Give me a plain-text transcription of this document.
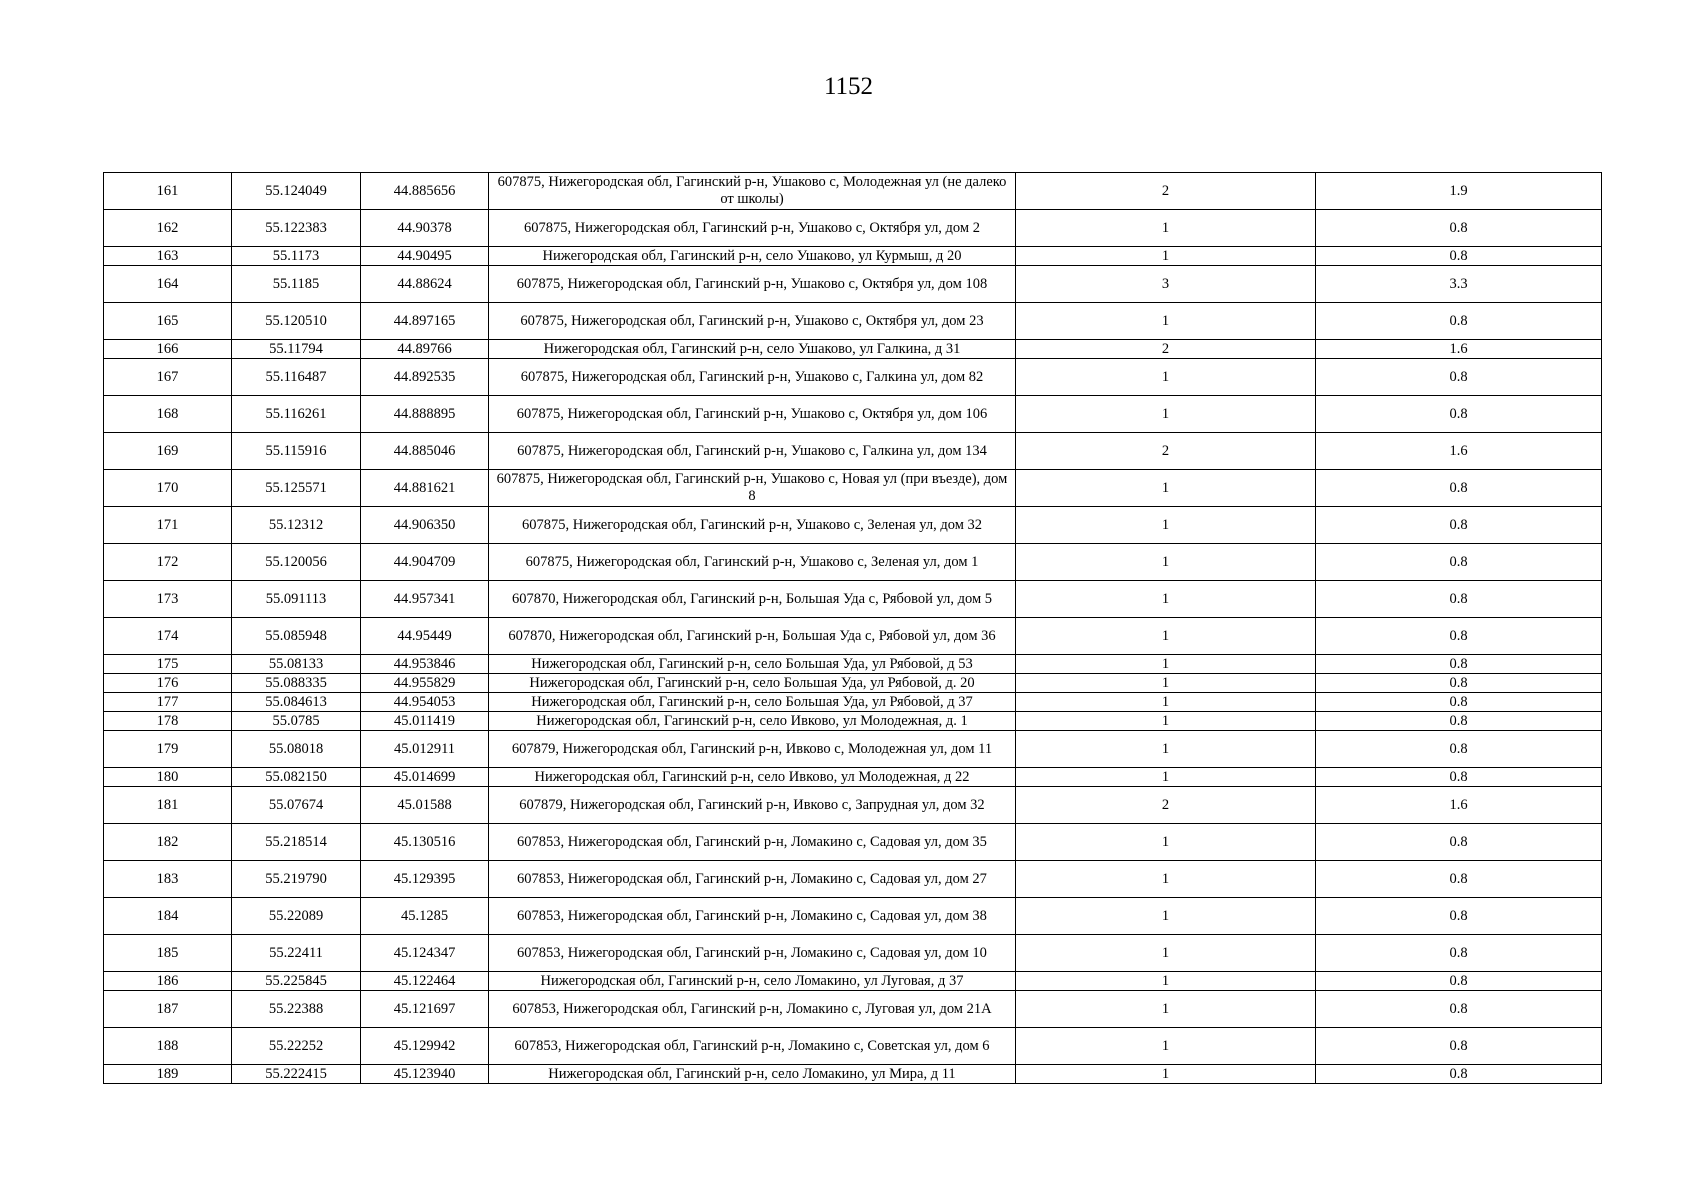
1152
161	55.124049	44.885656	607875, Нижегородская обл, Гагинский р-н, Ушаково с, Молодежная ул (не далеко от школы)	2	1.9
162	55.122383	44.90378	607875, Нижегородская обл, Гагинский р-н, Ушаково с, Октября ул, дом 2	1	0.8
163	55.1173	44.90495	Нижегородская обл, Гагинский р-н, село Ушаково, ул Курмыш, д 20	1	0.8
164	55.1185	44.88624	607875, Нижегородская обл, Гагинский р-н, Ушаково с, Октября ул, дом 108	3	3.3
165	55.120510	44.897165	607875, Нижегородская обл, Гагинский р-н, Ушаково с, Октября ул, дом 23	1	0.8
166	55.11794	44.89766	Нижегородская обл, Гагинский р-н, село Ушаково, ул Галкина, д 31	2	1.6
167	55.116487	44.892535	607875, Нижегородская обл, Гагинский р-н, Ушаково с, Галкина ул, дом 82	1	0.8
168	55.116261	44.888895	607875, Нижегородская обл, Гагинский р-н, Ушаково с, Октября ул, дом 106	1	0.8
169	55.115916	44.885046	607875, Нижегородская обл, Гагинский р-н, Ушаково с, Галкина ул, дом 134	2	1.6
170	55.125571	44.881621	607875, Нижегородская обл, Гагинский р-н, Ушаково с, Новая ул (при въезде), дом 8	1	0.8
171	55.12312	44.906350	607875, Нижегородская обл, Гагинский р-н, Ушаково с, Зеленая ул, дом 32	1	0.8
172	55.120056	44.904709	607875, Нижегородская обл, Гагинский р-н, Ушаково с, Зеленая ул, дом 1	1	0.8
173	55.091113	44.957341	607870, Нижегородская обл, Гагинский р-н, Большая Уда с, Рябовой ул, дом 5	1	0.8
174	55.085948	44.95449	607870, Нижегородская обл, Гагинский р-н, Большая Уда с, Рябовой ул, дом 36	1	0.8
175	55.08133	44.953846	Нижегородская обл, Гагинский р-н, село Большая Уда, ул Рябовой, д 53	1	0.8
176	55.088335	44.955829	Нижегородская обл, Гагинский р-н, село Большая Уда, ул Рябовой, д. 20	1	0.8
177	55.084613	44.954053	Нижегородская обл, Гагинский р-н, село Большая Уда, ул Рябовой, д 37	1	0.8
178	55.0785	45.011419	Нижегородская обл, Гагинский р-н, село Ивково, ул Молодежная, д. 1	1	0.8
179	55.08018	45.012911	607879, Нижегородская обл, Гагинский р-н, Ивково с, Молодежная ул, дом 11	1	0.8
180	55.082150	45.014699	Нижегородская обл, Гагинский р-н, село Ивково, ул Молодежная, д 22	1	0.8
181	55.07674	45.01588	607879, Нижегородская обл, Гагинский р-н, Ивково с, Запрудная ул, дом 32	2	1.6
182	55.218514	45.130516	607853, Нижегородская обл, Гагинский р-н, Ломакино с, Садовая ул, дом 35	1	0.8
183	55.219790	45.129395	607853, Нижегородская обл, Гагинский р-н, Ломакино с, Садовая ул, дом 27	1	0.8
184	55.22089	45.1285	607853, Нижегородская обл, Гагинский р-н, Ломакино с, Садовая ул, дом 38	1	0.8
185	55.22411	45.124347	607853, Нижегородская обл, Гагинский р-н, Ломакино с, Садовая ул, дом 10	1	0.8
186	55.225845	45.122464	Нижегородская обл, Гагинский р-н, село Ломакино, ул Луговая, д 37	1	0.8
187	55.22388	45.121697	607853, Нижегородская обл, Гагинский р-н, Ломакино с, Луговая ул, дом 21А	1	0.8
188	55.22252	45.129942	607853, Нижегородская обл, Гагинский р-н, Ломакино с, Советская ул, дом 6	1	0.8
189	55.222415	45.123940	Нижегородская обл, Гагинский р-н, село Ломакино, ул Мира, д 11	1	0.8
